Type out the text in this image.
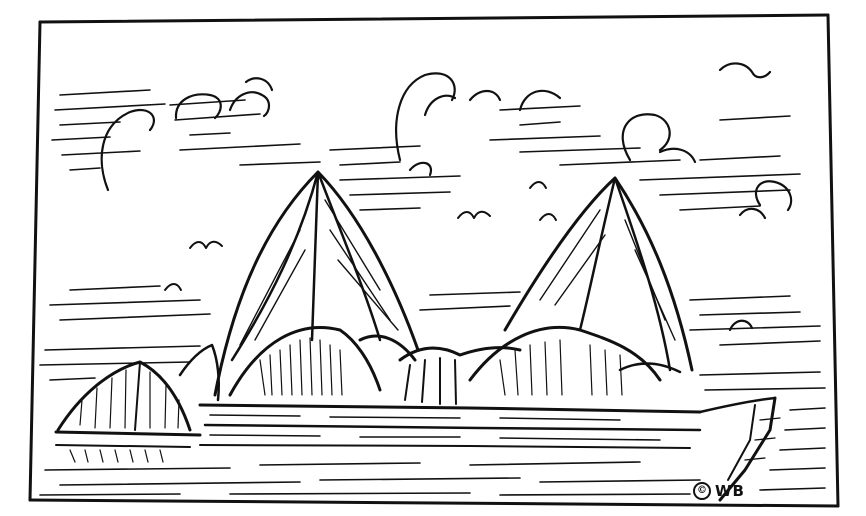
© WB
